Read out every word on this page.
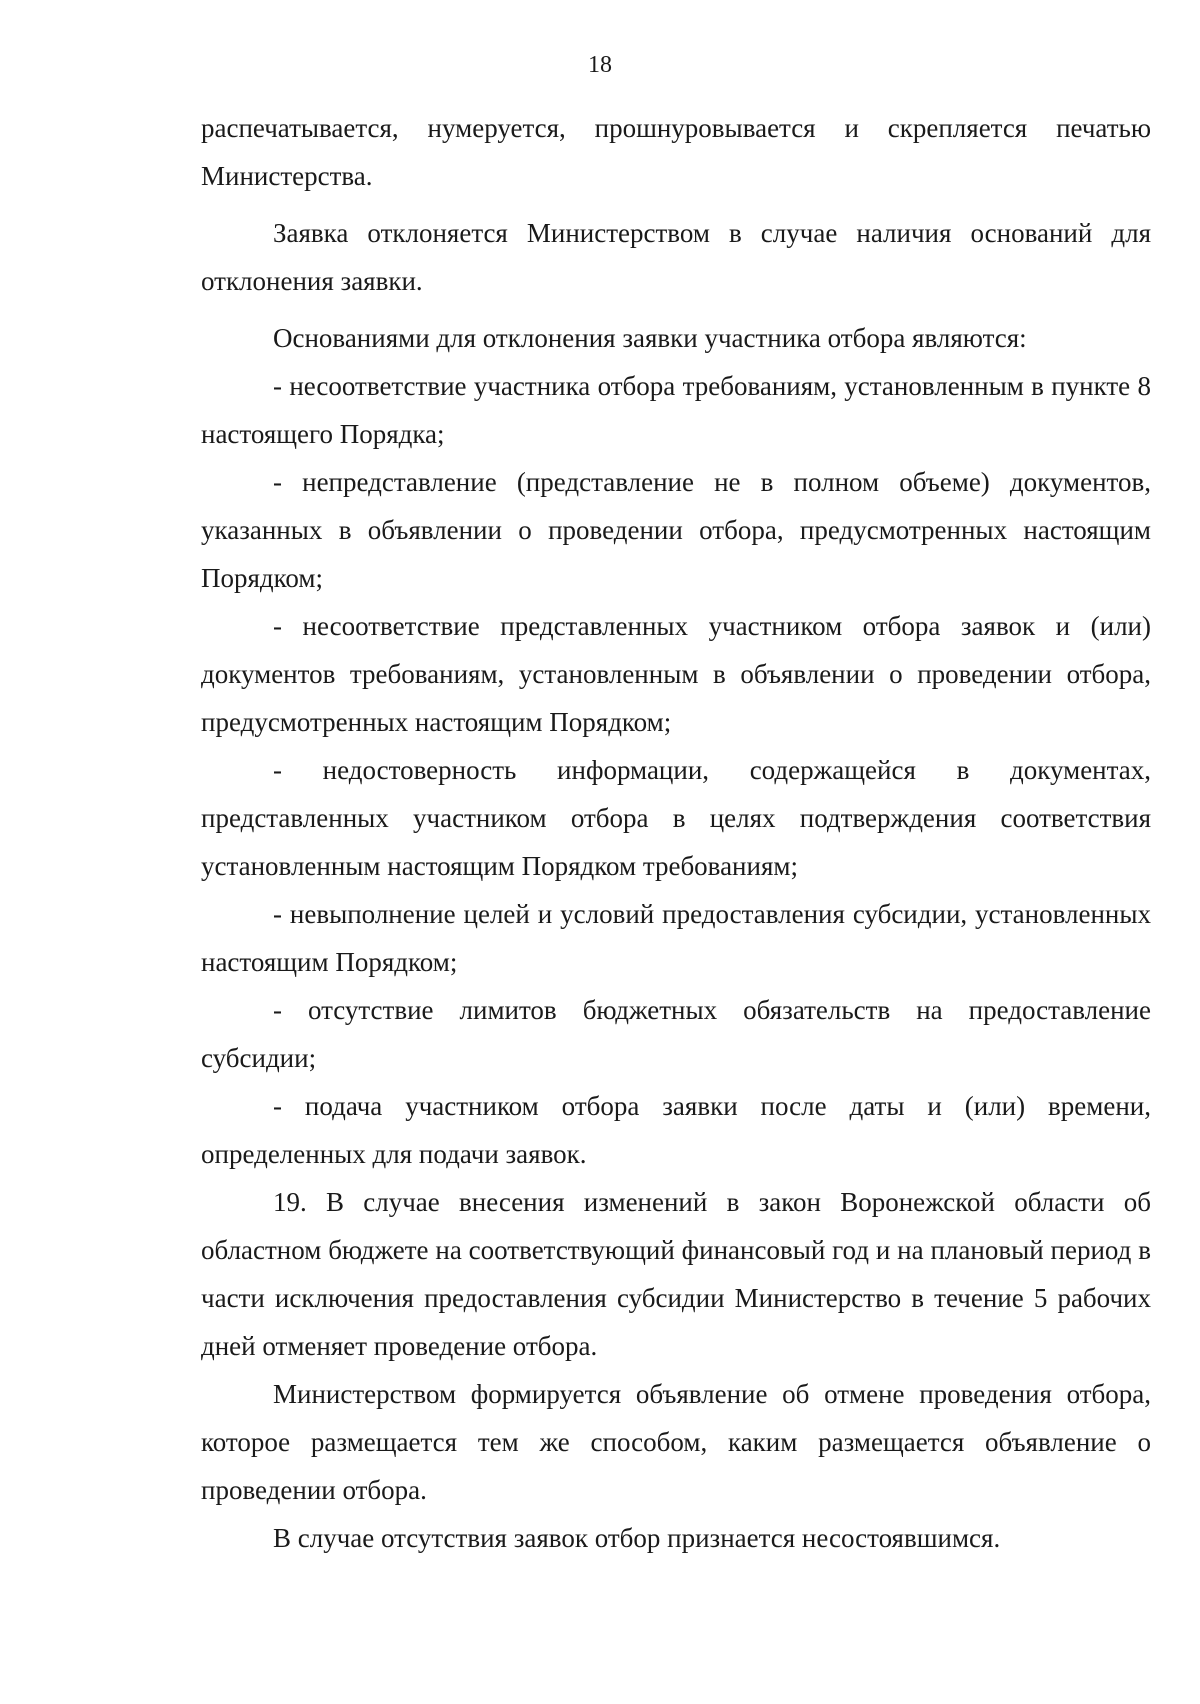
18

распечатывается, нумеруется, прошнуровывается и скрепляется печатью Министерства.

Заявка отклоняется Министерством в случае наличия оснований для отклонения заявки.

Основаниями для отклонения заявки участника отбора являются:

- несоответствие участника отбора требованиям, установленным в пункте 8 настоящего Порядка;

- непредставление (представление не в полном объеме) документов, указанных в объявлении о проведении отбора, предусмотренных настоящим Порядком;

- несоответствие представленных участником отбора заявок и (или) документов требованиям, установленным в объявлении о проведении отбора, предусмотренных настоящим Порядком;

- недостоверность информации, содержащейся в документах, представленных участником отбора в целях подтверждения соответствия установленным настоящим Порядком требованиям;

- невыполнение целей и условий предоставления субсидии, установленных настоящим Порядком;

- отсутствие лимитов бюджетных обязательств на предоставление субсидии;

- подача участником отбора заявки после даты и (или) времени, определенных для подачи заявок.

19. В случае внесения изменений в закон Воронежской области об областном бюджете на соответствующий финансовый год и на плановый период в части исключения предоставления субсидии Министерство в течение 5 рабочих дней отменяет проведение отбора.

Министерством формируется объявление об отмене проведения отбора, которое размещается тем же способом, каким размещается объявление о проведении отбора.

В случае отсутствия заявок отбор признается несостоявшимся.
